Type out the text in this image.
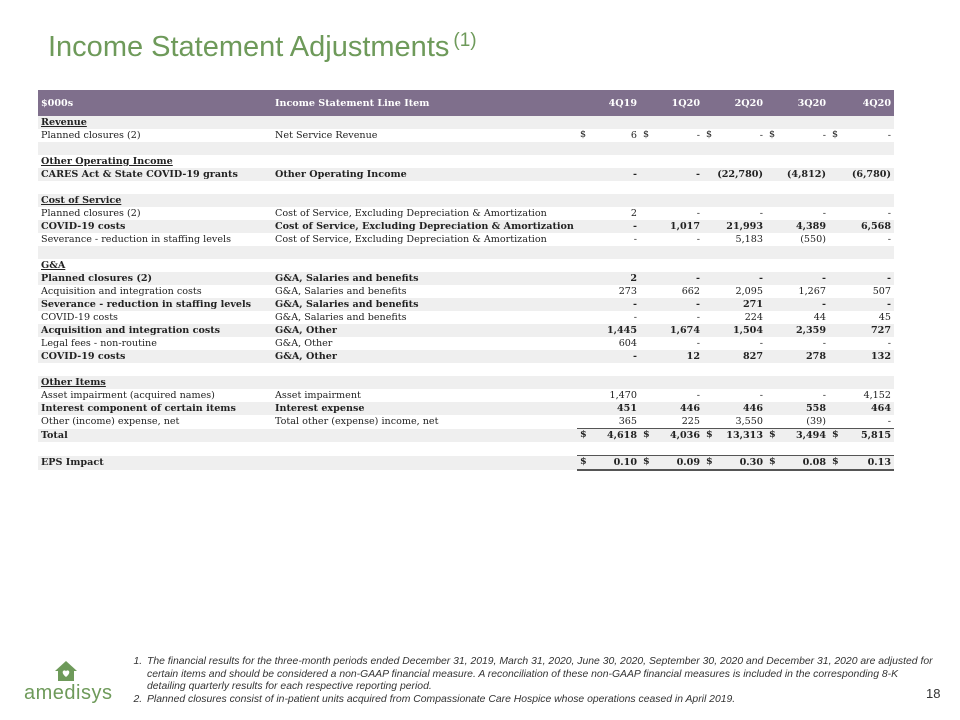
Income Statement Adjustments $^{(1)}$
$000s	Income Statement Line Item	4Q19	1Q20	2Q20	3Q20	4Q20
Revenue						
Planned closures (2)	Net Service Revenue	$ 6	$ -	$ -	$ -	$ -

Other Operating Income						
CARES Act & State COVID-19 grants	Other Operating Income	-	-	(22,780)	(4,812)	(6,780)

Cost of Service						
Planned closures (2)	Cost of Service, Excluding Depreciation & Amortization	2	-	-	-	-

COVID-19 costs	Cost of Service, Excluding Depreciation & Amortization	-	1,017	21,993	4,389	6,568

Severance - reduction in staffing levels	Cost of Service, Excluding Depreciation & Amortization	-	-	5,183	(550)	-

G&A						
Planned closures (2)	G&A, Salaries and benefits	2	-	-	-	-

Acquisition and integration costs	G&A, Salaries and benefits	273	662	2,095	1,267	507

Severance - reduction in staffing levels	G&A, Salaries and benefits	-	-	271	-	-

COVID-19 costs	G&A, Salaries and benefits	-	-	224	44	45

Acquisition and integration costs	G&A, Other	1,445	1,674	1,504	2,359	727

Legal fees - non-routine	G&A, Other	604	-	-	-	-

COVID-19 costs	G&A, Other	-	12	827	278	132

Other Items						
Asset impairment (acquired names)	Asset impairment	1,470	-	-	-	4,152

Interest component of certain items	Interest expense	451	446	446	558	464

Other (income) expense, net	Total other (expense) income, net	365	225	3,550	(39)	-

Total		$ 4,618	$ 4,036	$ 13,313	$ 3,494	$ 5,815

EPS Impact		$ 0.10	$ 0.09	$ 0.30	$ 0.08	$ 0.13
amedisys
1. The financial results for the three-month periods ended December 31, 2019, March 31, 2020, June 30, 2020, September 30, 2020 and December 31, 2020 are adjusted for certain items and should be considered a non-GAAP financial measure. A reconciliation of these non-GAAP financial measures is included in the corresponding 8-K detailing quarterly results for each respective reporting period.
2. Planned closures consist of in-patient units acquired from Compassionate Care Hospice whose operations ceased in April 2019.	18
